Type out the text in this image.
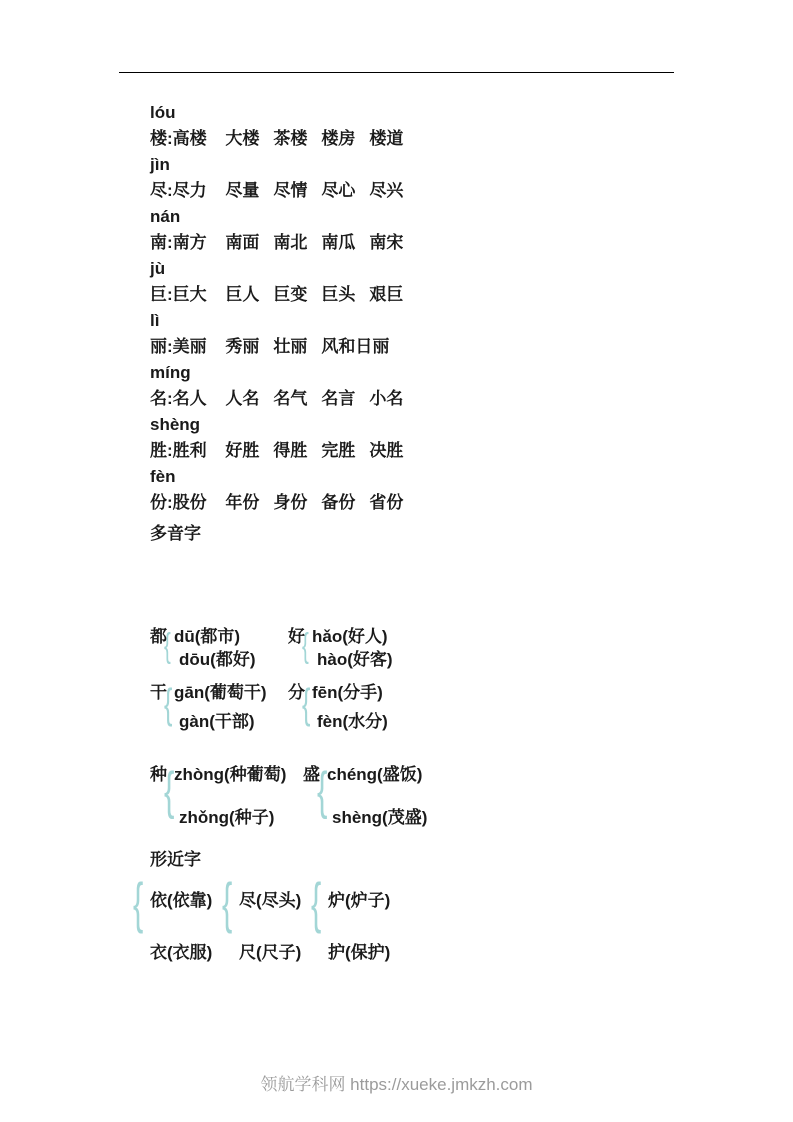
lóu
楼:高楼 大楼 茶楼 楼房 楼道
jìn
尽:尽力 尽量 尽情 尽心 尽兴
nán
南:南方 南面 南北 南瓜 南宋
jù
巨:巨大 巨人 巨变 巨头 艰巨
lì
丽:美丽 秀丽 壮丽 风和日丽
míng
名:名人 人名 名气 名言 小名
shèng
胜:胜利 好胜 得胜 完胜 决胜
fèn
份:股份 年份 身份 备份 省份
多音字
都
{ dū(都市)
dōu(都好)
好
{ hǎo(好人)
hào(好客)
干
{ gān(葡萄干)
gàn(干部)
分
{ fēn(分手)
fèn(水分)
种
{ zhòng(种葡萄)
zhǒng(种子)
盛
{ chéng(盛饭)
shèng(茂盛)
形近字
{ 依(依靠)
衣(衣服)
{ 尽(尽头)
尺(尺子)
{ 炉(炉子)
护(保护)
领航学科网 https://xueke.jmkzh.com
